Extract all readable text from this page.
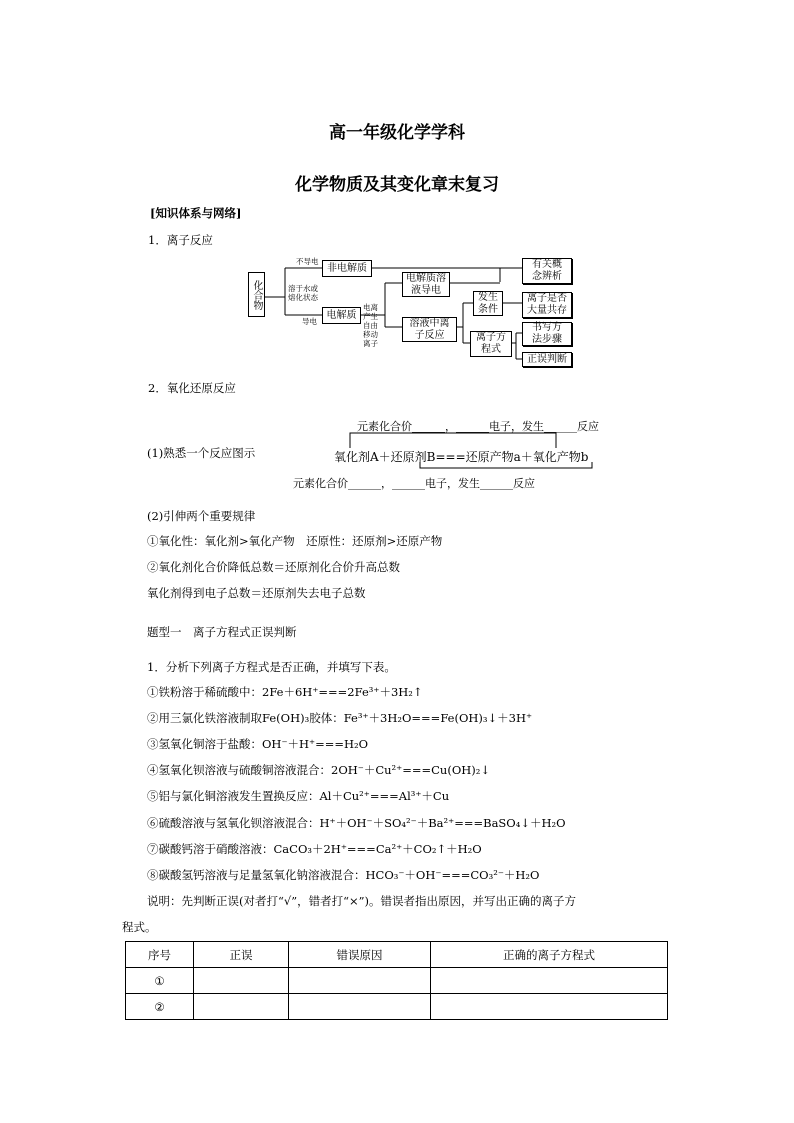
高一年级化学学科
化学物质及其变化章末复习
[知识体系与网络]
1．离子反应
化合物
非电解质
电解质
电解质溶液导电
溶液中离子反应
发生条件
离子方程式
有关概念辨析
离子是否大量共存
书写方法步骤
正误判断
不导电
溶于水或熔化状态
导电
电离产生自由移动离子
2．氧化还原反应
元素化合价______，______电子，发生______反应
(1)熟悉一个反应图示	氧化剂A＋还原剂B===还原产物a＋氧化产物b
元素化合价______，______电子，发生______反应
(2)引伸两个重要规律
①氧化性：氧化剂>氧化产物　还原性：还原剂>还原产物
②氧化剂化合价降低总数＝还原剂化合价升高总数
氧化剂得到电子总数＝还原剂失去电子总数
题型一　离子方程式正误判断
1．分析下列离子方程式是否正确，并填写下表。
①铁粉溶于稀硫酸中：2Fe＋6H⁺===2Fe³⁺＋3H₂↑
②用三氯化铁溶液制取Fe(OH)₃胶体：Fe³⁺＋3H₂O===Fe(OH)₃↓＋3H⁺
③氢氧化铜溶于盐酸：OH⁻＋H⁺===H₂O
④氢氧化钡溶液与硫酸铜溶液混合：2OH⁻＋Cu²⁺===Cu(OH)₂↓
⑤铝与氯化铜溶液发生置换反应：Al＋Cu²⁺===Al³⁺＋Cu
⑥硫酸溶液与氢氧化钡溶液混合：H⁺＋OH⁻＋SO₄²⁻＋Ba²⁺===BaSO₄↓＋H₂O
⑦碳酸钙溶于硝酸溶液：CaCO₃＋2H⁺===Ca²⁺＋CO₂↑＋H₂O
⑧碳酸氢钙溶液与足量氢氧化钠溶液混合：HCO₃⁻＋OH⁻===CO₃²⁻＋H₂O
说明：先判断正误(对者打“√”，错者打“×”)。错误者指出原因，并写出正确的离子方
程式。
序号	正误	错误原因	正确的离子方程式
①			
②			
